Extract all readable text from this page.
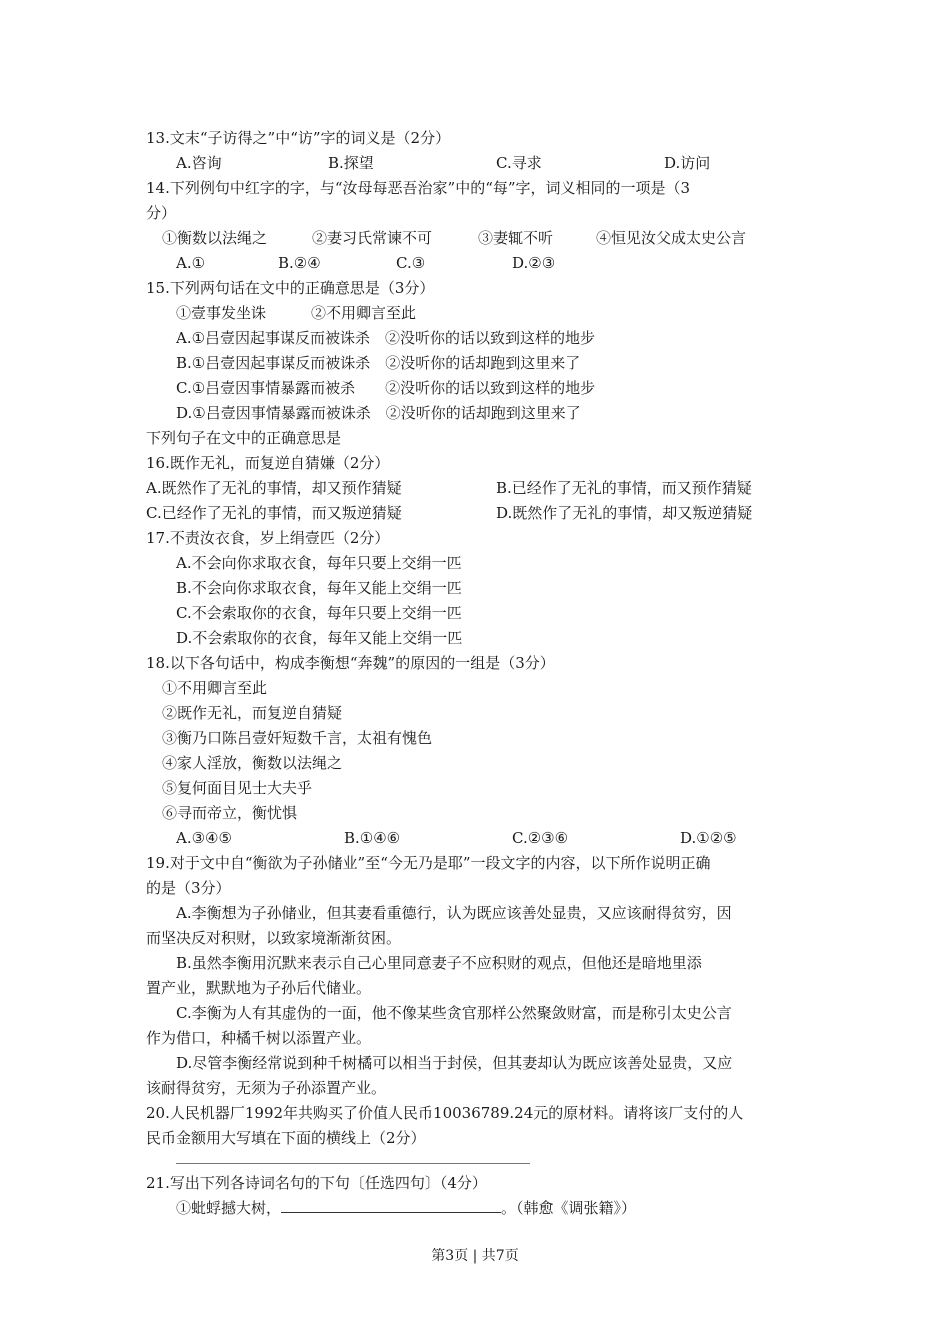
13.文末“子访得之”中“访”字的词义是（2分）
A.咨询	B.探望	C.寻求	D.访问
14.下列例句中红字的字，与“汝母每恶吾治家”中的“每”字，词义相同的一项是（3
分）
①衡数以法绳之	②妻习氏常谏不可	③妻辄不听	④恒见汝父成太史公言
A.①	B.②④	C.③	D.②③
15.下列两句话在文中的正确意思是（3分）
①壹事发坐诛　　　②不用卿言至此
A.①吕壹因起事谋反而被诛杀　②没听你的话以致到这样的地步
B.①吕壹因起事谋反而被诛杀　②没听你的话却跑到这里来了
C.①吕壹因事情暴露而被杀　　②没听你的话以致到这样的地步
D.①吕壹因事情暴露而被诛杀　②没听你的话却跑到这里来了
下列句子在文中的正确意思是
16.既作无礼，而复逆自猜嫌（2分）
A.既然作了无礼的事情，却又预作猜疑	B.已经作了无礼的事情，而又预作猜疑
C.已经作了无礼的事情，而又叛逆猜疑	D.既然作了无礼的事情，却又叛逆猜疑
17.不责汝衣食，岁上绢壹匹（2分）
A.不会向你求取衣食，每年只要上交绢一匹
B.不会向你求取衣食，每年又能上交绢一匹
C.不会索取你的衣食，每年只要上交绢一匹
D.不会索取你的衣食，每年又能上交绢一匹
18.以下各句话中，构成李衡想“奔魏”的原因的一组是（3分）
①不用卿言至此
②既作无礼，而复逆自猜疑
③衡乃口陈吕壹奸短数千言，太祖有愧色
④家人淫放，衡数以法绳之
⑤复何面目见士大夫乎
⑥寻而帝立，衡忧惧
A.③④⑤	B.①④⑥	C.②③⑥	D.①②⑤
19.对于文中自“衡欲为子孙储业”至“今无乃是耶”一段文字的内容，以下所作说明正确
的是（3分）
A.李衡想为子孙储业，但其妻看重德行，认为既应该善处显贵，又应该耐得贫穷，因
而坚决反对积财，以致家境渐渐贫困。
B.虽然李衡用沉默来表示自己心里同意妻子不应积财的观点，但他还是暗地里添
置产业，默默地为子孙后代储业。
C.李衡为人有其虚伪的一面，他不像某些贪官那样公然聚敛财富，而是称引太史公言
作为借口，种橘千树以添置产业。
D.尽管李衡经常说到种千树橘可以相当于封侯，但其妻却认为既应该善处显贵，又应
该耐得贫穷，无须为子孙添置产业。
20.人民机器厂1992年共购买了价值人民币10036789.24元的原材料。请将该厂支付的人
民币金额用大写填在下面的横线上（2分）
21.写出下列各诗词名句的下句〔任选四句〕（4分）
①蚍蜉撼大树，	。（韩愈《调张籍》）
第3页 | 共7页
